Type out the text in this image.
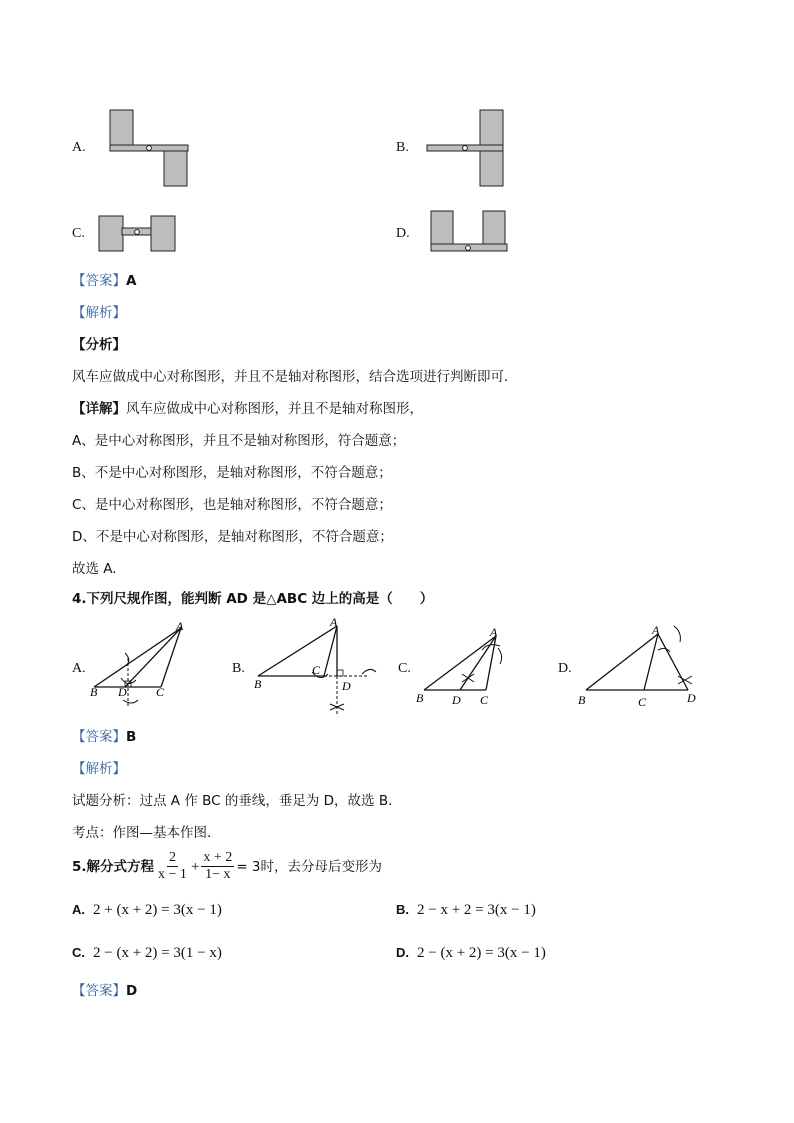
A.	B.
C.	D.
【答案】A
【解析】
【分析】
风车应做成中心对称图形，并且不是轴对称图形，结合选项进行判断即可．
【详解】风车应做成中心对称图形，并且不是轴对称图形，
A、是中心对称图形，并且不是轴对称图形，符合题意；
B、不是中心对称图形，是轴对称图形，不符合题意；
C、是中心对称图形，也是轴对称图形，不符合题意；
D、不是中心对称图形，是轴对称图形，不符合题意；
故选 A.
4.下列尺规作图，能判断 AD 是△ABC 边上的高是（　　）
A.
A
B D C
B.
A
B
C
D
C.
A
B D C
D.
A
B	C	D
【答案】B
【解析】
试题分析：过点 A 作 BC 的垂线，垂足为 D，故选 B．
考点：作图—基本作图．
5.解分式方程 $\frac{2}{x - 1} + \frac{x + 2}{1- x} = 3$时，去分母后变形为
A. 2 + (x + 2) = 3(x − 1)	B. 2 − x + 2 = 3(x − 1)
C. 2 − (x + 2) = 3(1 − x)	D. 2 − (x + 2) = 3(x − 1)
【答案】D
